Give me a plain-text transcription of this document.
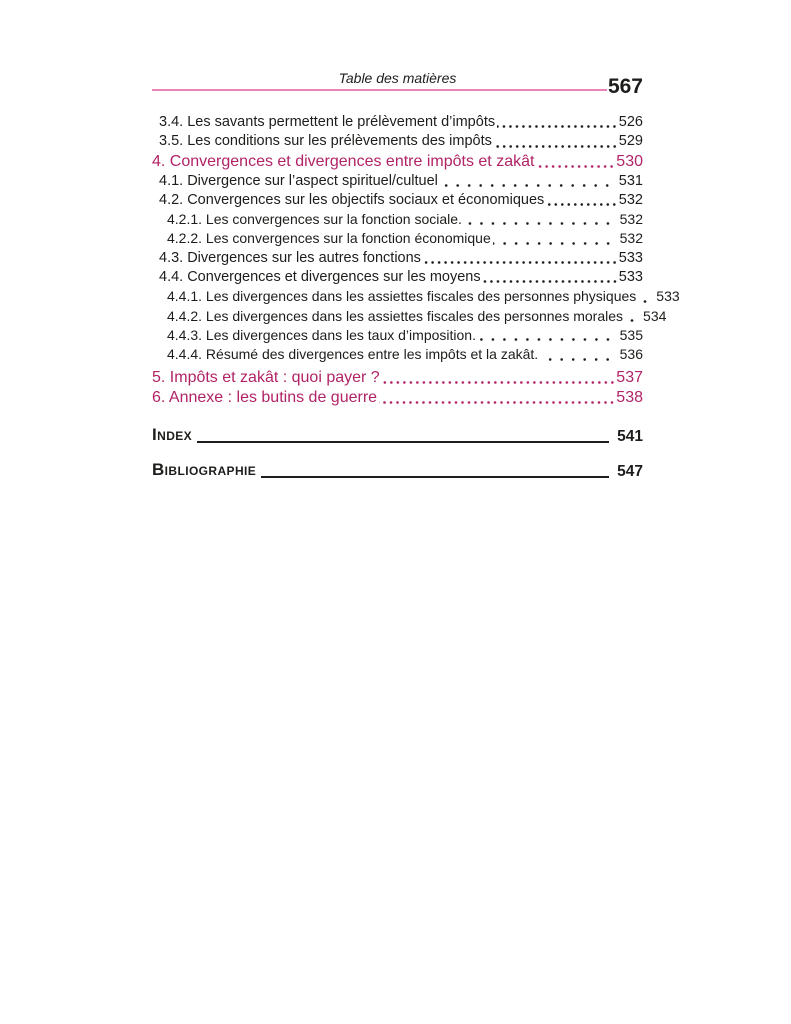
Table des matières	567
3.4. Les savants permettent le prélèvement d’impôts	526
3.5. Les conditions sur les prélèvements des impôts	529
4. Convergences et divergences entre impôts et zakât	530
4.1. Divergence sur l’aspect spirituel/cultuel	531
4.2. Convergences sur les objectifs sociaux et économiques	532
4.2.1. Les convergences sur la fonction sociale.	532
4.2.2. Les convergences sur la fonction économique	532
4.3. Divergences sur les autres fonctions	533
4.4. Convergences et divergences sur les moyens	533
4.4.1. Les divergences dans les assiettes fiscales des personnes physiques 533
4.4.2. Les divergences dans les assiettes fiscales des personnes morales 534
4.4.3. Les divergences dans les taux d’imposition.	535
4.4.4. Résumé des divergences entre les impôts et la zakât.	536
5. Impôts et zakât : quoi payer ?	537
6. Annexe : les butins de guerre	538
Index	541
Bibliographie	547
